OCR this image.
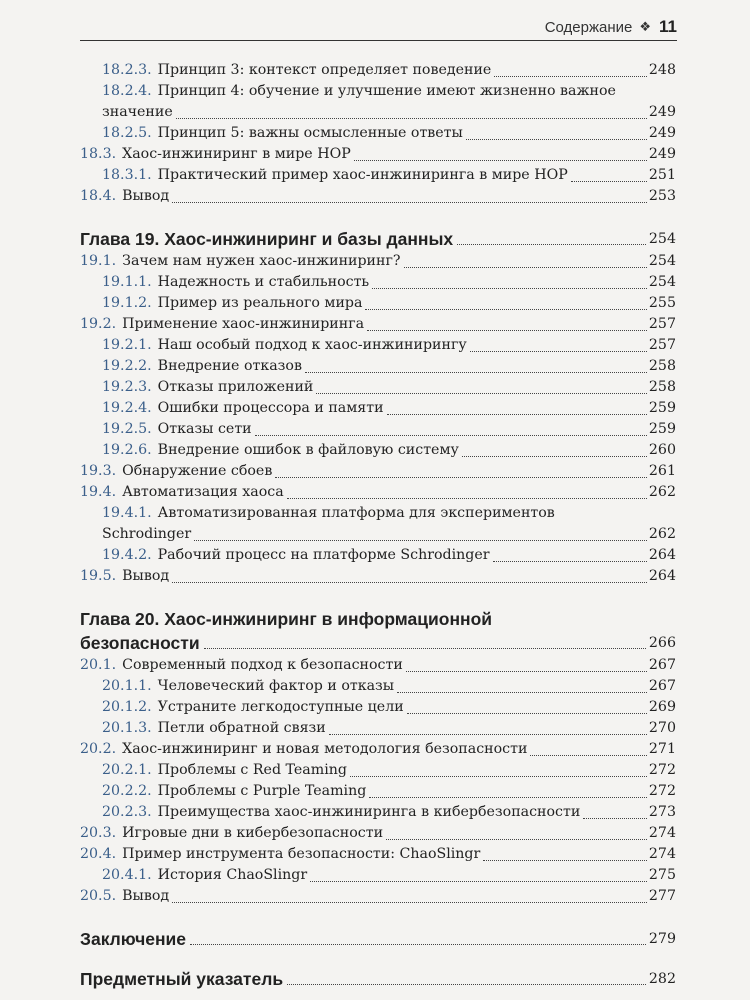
Содержание ❖ 11
18.2.3. Принцип 3: контекст определяет поведение	248
18.2.4. Принцип 4: обучение и улучшение имеют жизненно важное
значение	249
18.2.5. Принцип 5: важны осмысленные ответы	249
18.3. Хаос-инжиниринг в мире HOP	249
18.3.1. Практический пример хаос-инжиниринга в мире HOP	251
18.4. Вывод	253
Глава 19. Хаос-инжиниринг и базы данных	254
19.1. Зачем нам нужен хаос-инжиниринг?	254
19.1.1. Надежность и стабильность	254
19.1.2. Пример из реального мира	255
19.2. Применение хаос-инжиниринга	257
19.2.1. Наш особый подход к хаос-инжинирингу	257
19.2.2. Внедрение отказов	258
19.2.3. Отказы приложений	258
19.2.4. Ошибки процессора и памяти	259
19.2.5. Отказы сети	259
19.2.6. Внедрение ошибок в файловую систему	260
19.3. Обнаружение сбоев	261
19.4. Автоматизация хаоса	262
19.4.1. Автоматизированная платформа для экспериментов
Schrodinger	262
19.4.2. Рабочий процесс на платформе Schrodinger	264
19.5. Вывод	264
Глава 20. Хаос-инжиниринг в информационной
безопасности	266
20.1. Современный подход к безопасности	267
20.1.1. Человеческий фактор и отказы	267
20.1.2. Устраните легкодоступные цели	269
20.1.3. Петли обратной связи	270
20.2. Хаос-инжиниринг и новая методология безопасности	271
20.2.1. Проблемы с Red Teaming	272
20.2.2. Проблемы с Purple Teaming	272
20.2.3. Преимущества хаос-инжиниринга в кибербезопасности	273
20.3. Игровые дни в кибербезопасности	274
20.4. Пример инструмента безопасности: ChaoSlingr	274
20.4.1. История ChaoSlingr	275
20.5. Вывод	277
Заключение	279
Предметный указатель	282
